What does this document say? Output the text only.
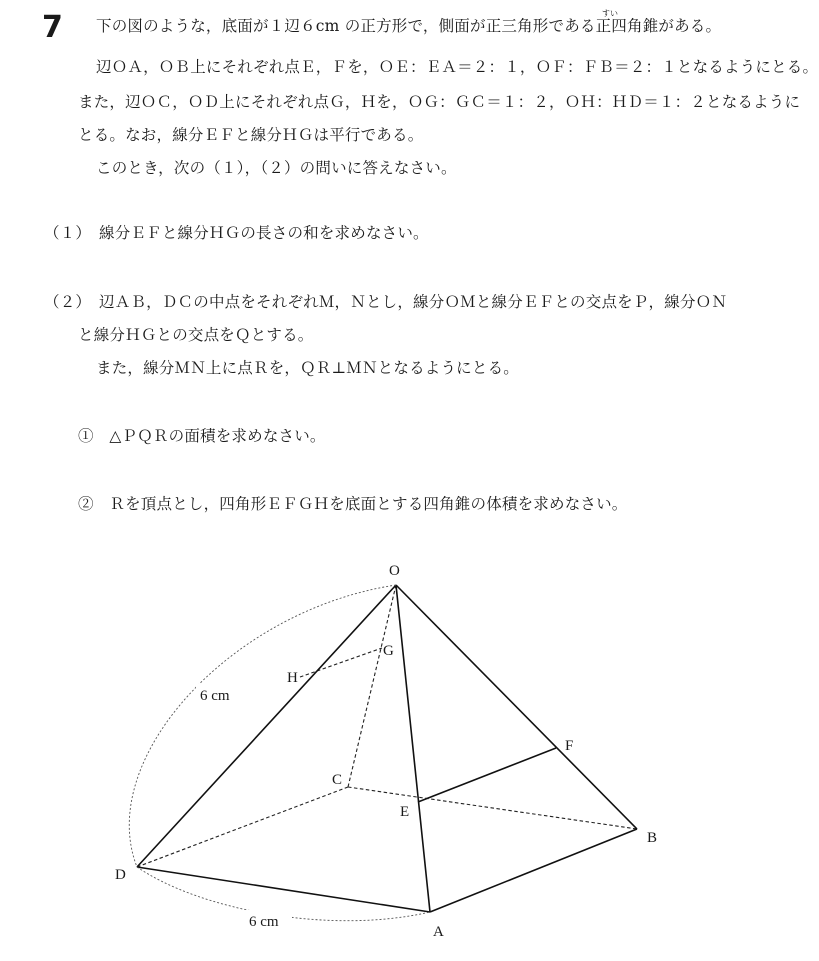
7 下の図のような，底面が１辺６cm の正方形で，側面が正三角形である正四角錐がある。
すい
辺ＯＡ，ＯＢ上にそれぞれ点Ｅ，Ｆを，ＯＥ：ＥＡ＝２：１，ＯＦ：ＦＢ＝２：１となるようにとる。
また，辺ＯＣ，ＯＤ上にそれぞれ点Ｇ，Ｈを，ＯＧ：ＧＣ＝１：２，ＯＨ：ＨＤ＝１：２となるように
とる。なお，線分ＥＦと線分ＨＧは平行である。
このとき，次の（１），（２）の問いに答えなさい。
（１）　線分ＥＦと線分ＨＧの長さの和を求めなさい。
（２）　辺ＡＢ，ＤＣの中点をそれぞれＭ，Ｎとし，線分ＯＭと線分ＥＦとの交点をＰ，線分ＯＮ
と線分ＨＧとの交点をＱとする。
また，線分ＭＮ上に点Ｒを，ＱＲ⊥ＭＮとなるようにとる。
①　△ＰＱＲの面積を求めなさい。
②　Ｒを頂点とし，四角形ＥＦＧＨを底面とする四角錐の体積を求めなさい。
O
A
B
C
D
E
F
G
H
6 cm
6 cm
